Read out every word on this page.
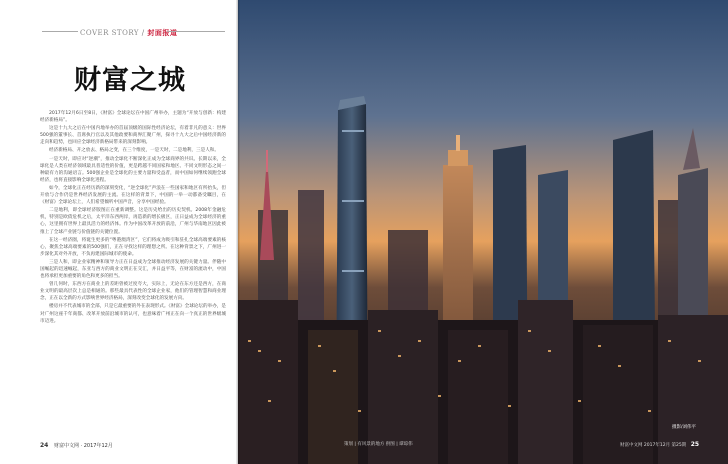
COVER STORY / 封面报道
财富之城

2017年12月6日至8日，《财富》全球论坛在中国广州举办，主题为“开放与创新：构建经济新格局”。

这是十九大之后在中国内地举办的首届顶级的国际性经济论坛，有着非凡的意义：世界500强的董事长、首席执行官以及其他政要和商界汇聚广州，探寻十九大之后中国经济新的走向和趋势，也回应全球经济新格局带来的深刻影响。

经济新格局、开之放去、格局之变，在三个维度，一是天时，二是地利，三是人和。

一是天时，即应对“逆潮”，推动全球化不断深化正成为全球商界的共识。长期以来，全球化是人类在经济领域最具普适性的价值，更是跨越不同国家和地区、不同文明形态之间一种最有力的沟通语言。500强企业是全球化的主要力量和受益者，而中国如何继续领跑全球经济，也将直接影响全球化进程。

如今，全球化正在经历新的深刻变化，“逆全球化”声浪在一些国家和地区有所抬头，但开放与合作仍是世界经济发展的主流。在这样的背景下，中国的一举一动都备受瞩目，在《财富》全球论坛上，人们希望倾听中国声音，分享中国经验。

二是地利，即全球经济版图正在重新调整。这是历史给出的历史契机。2008年金融危机，特别是欧债危机之后，太平洋东西两岸，再造新的增长极区，正日益成为全球经济的重心，这里拥有世界上最具活力的经济体。作为中国改革开放的前沿，广州与华南地区因此被推上了全球产业链与价值链的关键位置。

在这一经济圈，将诞生更多的“粤港澳湾区”，它们将成为吸引和驻扎全球高端要素的核心，聚焦全球高端要素的500强们，正在寻找这样的理想之所。在这种背景之下，广州进一步深化其对外开放，不负再建国际城市的使命。

三是人和，即企业家精神和领导力正在日益成为全球推动经济发展的关键力量。伴随中国崛起的迅速崛起，东亚与西方的商业文明正在交汇，并日益平等，在财富的流动中，中国也将承担更加重要的角色和更多的担当。

曾几何时，东西方在商业上的差距曾被过度夸大，实际上，无论在东方还是西方，在商业文明的最高层次上总是相通的。那些最具代表性的全球企业家，他们的管理智慧和商业理念，正在以全新的方式影响世界经济格局，深刻改变全球化的发展方向。

楼房并不代表城市的全部，只是它最重要的外在表现形式。《财富》全球论坛的举办，是对广州这座千年商都、改革开放前沿城市的认可，也意味着广州正在向一个真正的世界级城市迈进。

24 财富中文网 · 2017年12月
摄影/刘伟平
策划 | 有风景的地方 供图 | 谭琼伟	财富中文网 2017年12月 第25期 25
